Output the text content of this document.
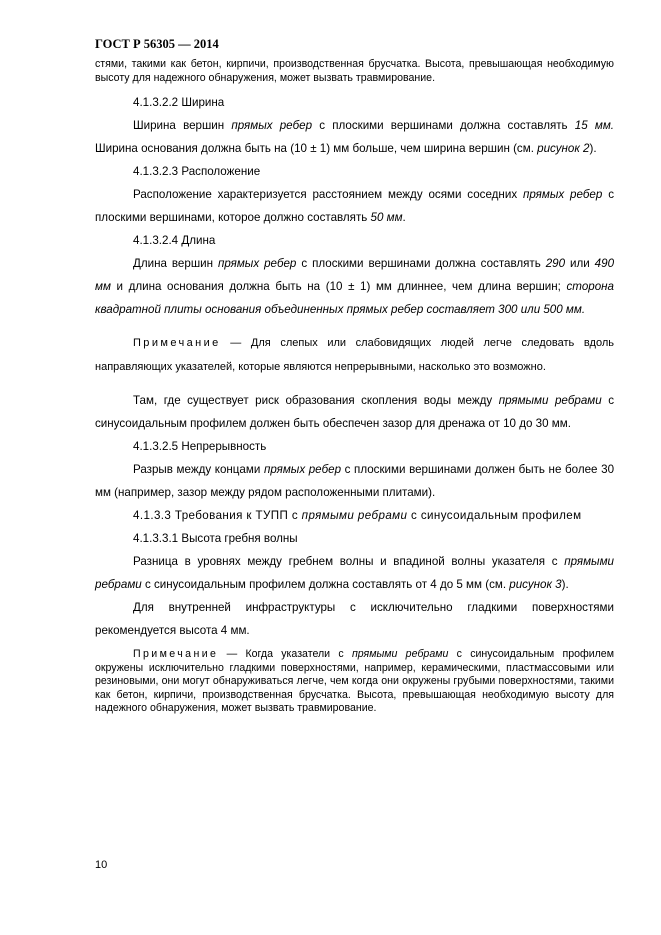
ГОСТ Р 56305 — 2014

стями, такими как бетон, кирпичи, производственная брусчатка. Высота, превышающая необходимую высоту для надежного обнаружения, может вызвать травмирование.

4.1.3.2.2 Ширина

Ширина вершин прямых ребер с плоскими вершинами должна составлять 15 мм. Ширина основания должна быть на (10 ± 1) мм больше, чем ширина вершин (см. рисунок 2).

4.1.3.2.3 Расположение

Расположение характеризуется расстоянием между осями соседних прямых ребер с плоскими вершинами, которое должно составлять 50 мм.

4.1.3.2.4 Длина

Длина вершин прямых ребер с плоскими вершинами должна составлять 290 или 490 мм и длина основания должна быть на (10 ± 1) мм длиннее, чем длина вершин; сторона квадратной плиты основания объединенных прямых ребер составляет 300 или 500 мм.

Примечание — Для слепых или слабовидящих людей легче следовать вдоль направляющих указателей, которые являются непрерывными, насколько это возможно.

Там, где существует риск образования скопления воды между прямыми ребрами с синусоидальным профилем должен быть обеспечен зазор для дренажа от 10 до 30 мм.

4.1.3.2.5 Непрерывность

Разрыв между концами прямых ребер с плоскими вершинами должен быть не более 30 мм (например, зазор между рядом расположенными плитами).

4.1.3.3 Требования к ТУПП с прямыми ребрами с синусоидальным профилем

4.1.3.3.1 Высота гребня волны

Разница в уровнях между гребнем волны и впадиной волны указателя с прямыми ребрами с синусоидальным профилем должна составлять от 4 до 5 мм (см. рисунок 3).

Для внутренней инфраструктуры с исключительно гладкими поверхностями рекомендуется высота 4 мм.

Примечание — Когда указатели с прямыми ребрами с синусоидальным профилем окружены исключительно гладкими поверхностями, например, керамическими, пластмассовыми или резиновыми, они могут обнаруживаться легче, чем когда они окружены грубыми поверхностями, такими как бетон, кирпичи, производственная брусчатка. Высота, превышающая необходимую высоту для надежного обнаружения, может вызвать травмирование.

10
